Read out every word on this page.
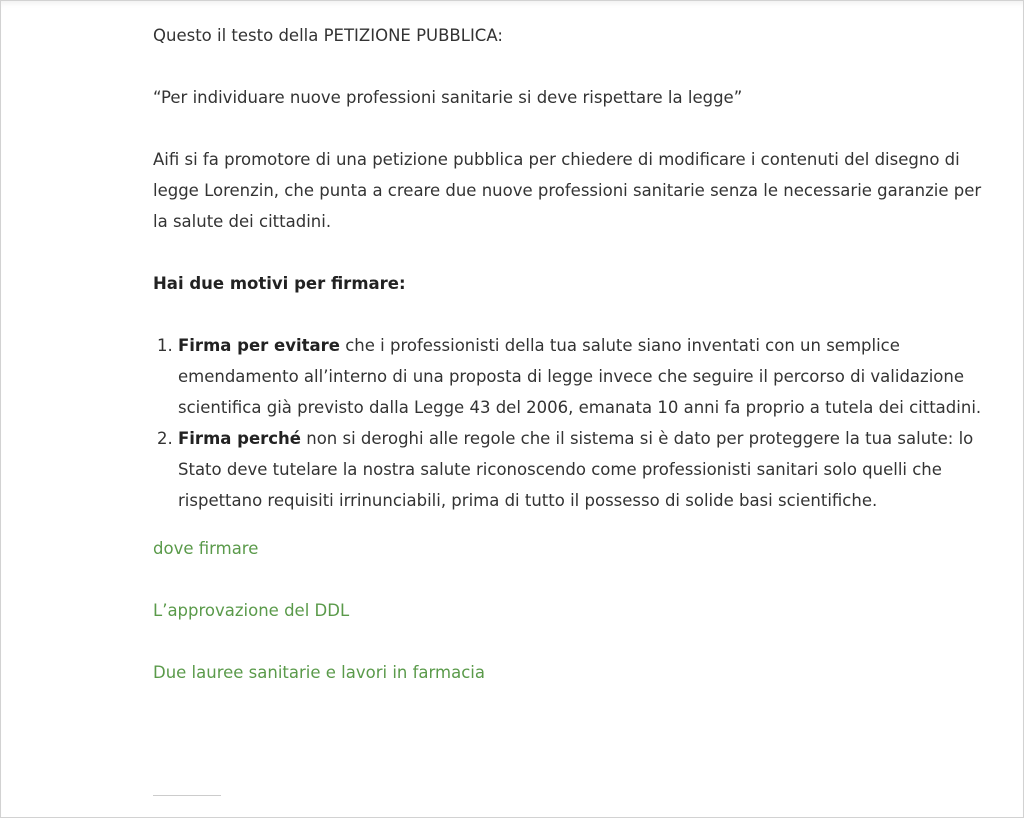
Questo il testo della PETIZIONE PUBBLICA:

“Per individuare nuove professioni sanitarie si deve rispettare la legge”

Aifi si fa promotore di una petizione pubblica per chiedere di modificare i contenuti del disegno di legge Lorenzin, che punta a creare due nuove professioni sanitarie senza le necessarie garanzie per la salute dei cittadini.

Hai due motivi per firmare:

1. Firma per evitare che i professionisti della tua salute siano inventati con un semplice emendamento all’interno di una proposta di legge invece che seguire il percorso di validazione scientifica già previsto dalla Legge 43 del 2006, emanata 10 anni fa proprio a tutela dei cittadini.
2. Firma perché non si deroghi alle regole che il sistema si è dato per proteggere la tua salute: lo Stato deve tutelare la nostra salute riconoscendo come professionisti sanitari solo quelli che rispettano requisiti irrinunciabili, prima di tutto il possesso di solide basi scientifiche.

dove firmare

L’approvazione del DDL

Due lauree sanitarie e lavori in farmacia
